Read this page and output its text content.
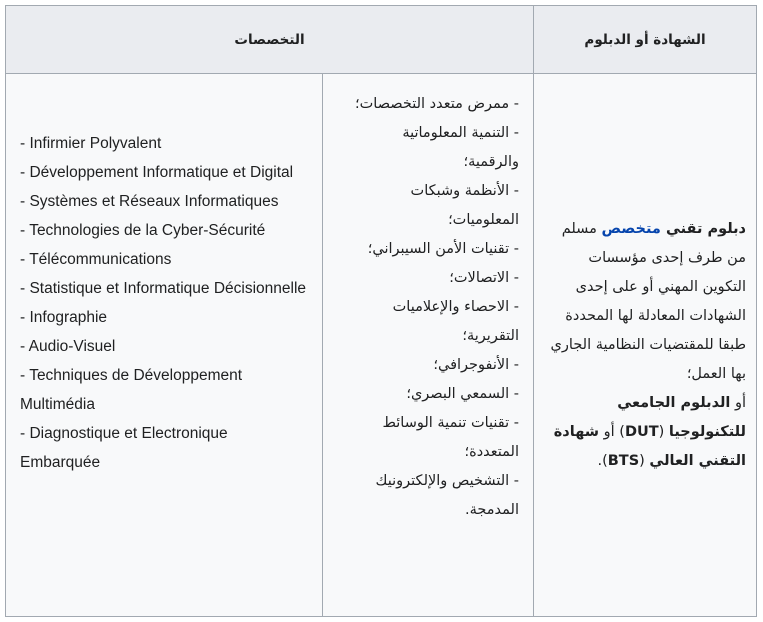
الشهادة أو الدبلوم
التخصصات

دبلوم تقني متخصص مسلم من طرف إحدى مؤسسات التكوين المهني أو على إحدى الشهادات المعادلة لها المحددة طبقا للمقتضيات النظامية الجاري بها العمل؛

أو الدبلوم الجامعي للتكنولوجيا (DUT) أو شهادة التقني العالي (BTS).

- ممرض متعدد التخصصات؛
- التنمية المعلوماتية والرقمية؛
- الأنظمة وشبكات المعلوميات؛
- تقنيات الأمن السيبراني؛
- الاتصالات؛
- الاحصاء والإعلاميات التقريرية؛
- الأنفوجرافي؛
- السمعي البصري؛
- تقنيات تنمية الوسائط المتعددة؛
- التشخيص والإلكترونيك المدمجة.
- Infirmier Polyvalent
- Développement Informatique et Digital
- Systèmes et Réseaux Informatiques
- Technologies de la Cyber-Sécurité
- Télécommunications
- Statistique et Informatique Décisionnelle
- Infographie
- Audio-Visuel
- Techniques de Développement Multimédia
- Diagnostique et Electronique Embarquée
